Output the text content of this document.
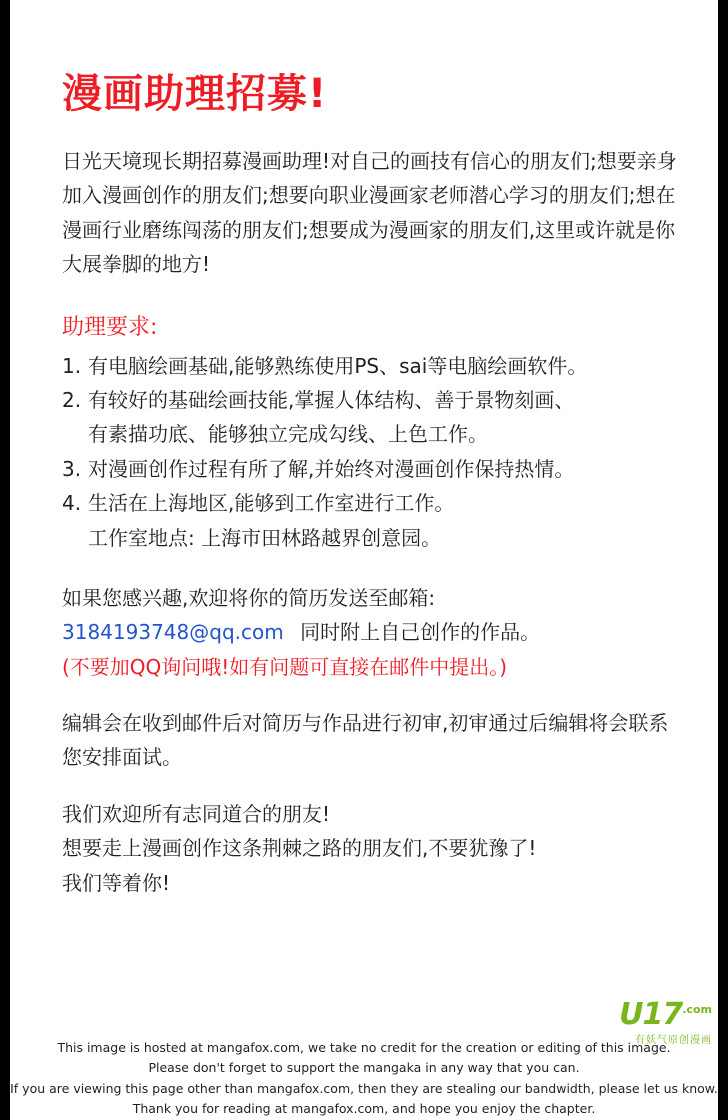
漫画助理招募!
日光天境现长期招募漫画助理!对自己的画技有信心的朋友们;想要亲身加入漫画创作的朋友们;想要向职业漫画家老师潜心学习的朋友们;想在漫画行业磨练闯荡的朋友们;想要成为漫画家的朋友们,这里或许就是你大展拳脚的地方!
助理要求:
1. 有电脑绘画基础,能够熟练使用PS、sai等电脑绘画软件。
2. 有较好的基础绘画技能,掌握人体结构、善于景物刻画、
有素描功底、能够独立完成勾线、上色工作。
3. 对漫画创作过程有所了解,并始终对漫画创作保持热情。
4. 生活在上海地区,能够到工作室进行工作。
工作室地点: 上海市田林路越界创意园。
如果您感兴趣,欢迎将你的简历发送至邮箱:
3184193748@qq.com 同时附上自己创作的作品。
(不要加QQ询问哦!如有问题可直接在邮件中提出。)
编辑会在收到邮件后对简历与作品进行初审,初审通过后编辑将会联系您安排面试。
我们欢迎所有志同道合的朋友!
想要走上漫画创作这条荆棘之路的朋友们,不要犹豫了!
我们等着你!
$U17^{.com}$
有妖气原创漫画
This image is hosted at mangafox.com, we take no credit for the creation or editing of this image.
Please don't forget to support the mangaka in any way that you can.
If you are viewing this page other than mangafox.com, then they are stealing our bandwidth, please let us know.
Thank you for reading at mangafox.com, and hope you enjoy the chapter.
